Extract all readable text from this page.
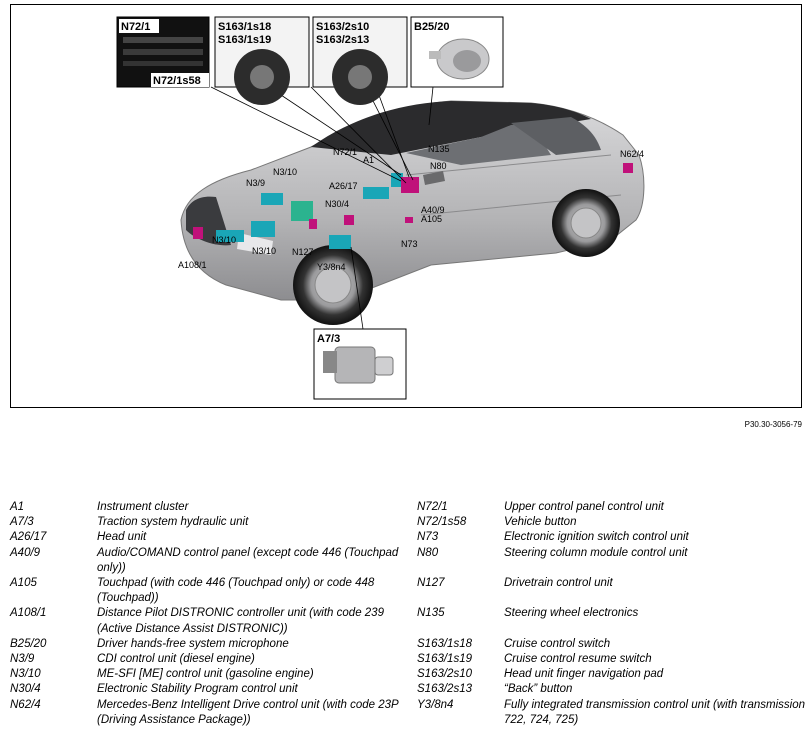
N72/1
A1
N135
N80
N62/4
N3/9
N3/10
A26/17
N30/4
A40/9
A105
N3/10
N3/10 N127
Y3/8n4
N73
A108/1
N72/1
N72/1s58
S163/1s18
S163/1s19
S163/2s10
S163/2s13
B25/20
A7/3
P30.30-3056-79
A1	Instrument cluster
A7/3	Traction system hydraulic unit
A26/17	Head unit
A40/9	Audio/COMAND control panel (except code 446 (Touchpad only))
A105	Touchpad (with code 446 (Touchpad only) or code 448 (Touchpad))
A108/1	Distance Pilot DISTRONIC controller unit (with code 239 (Active Distance Assist DISTRONIC))
B25/20	Driver hands-free system microphone
N3/9	CDI control unit (diesel engine)
N3/10	ME-SFI [ME] control unit (gasoline engine)
N30/4	Electronic Stability Program control unit
N62/4	Mercedes-Benz Intelligent Drive control unit (with code 23P (Driving Assistance Package))
N72/1	Upper control panel control unit
N72/1s58	Vehicle button
N73	Electronic ignition switch control unit
N80	Steering column module control unit
N127	Drivetrain control unit
N135	Steering wheel electronics
S163/1s18	Cruise control switch
S163/1s19	Cruise control resume switch
S163/2s10	Head unit finger navigation pad
S163/2s13	“Back” button
Y3/8n4	Fully integrated transmission control unit (with transmission 722, 724, 725)
